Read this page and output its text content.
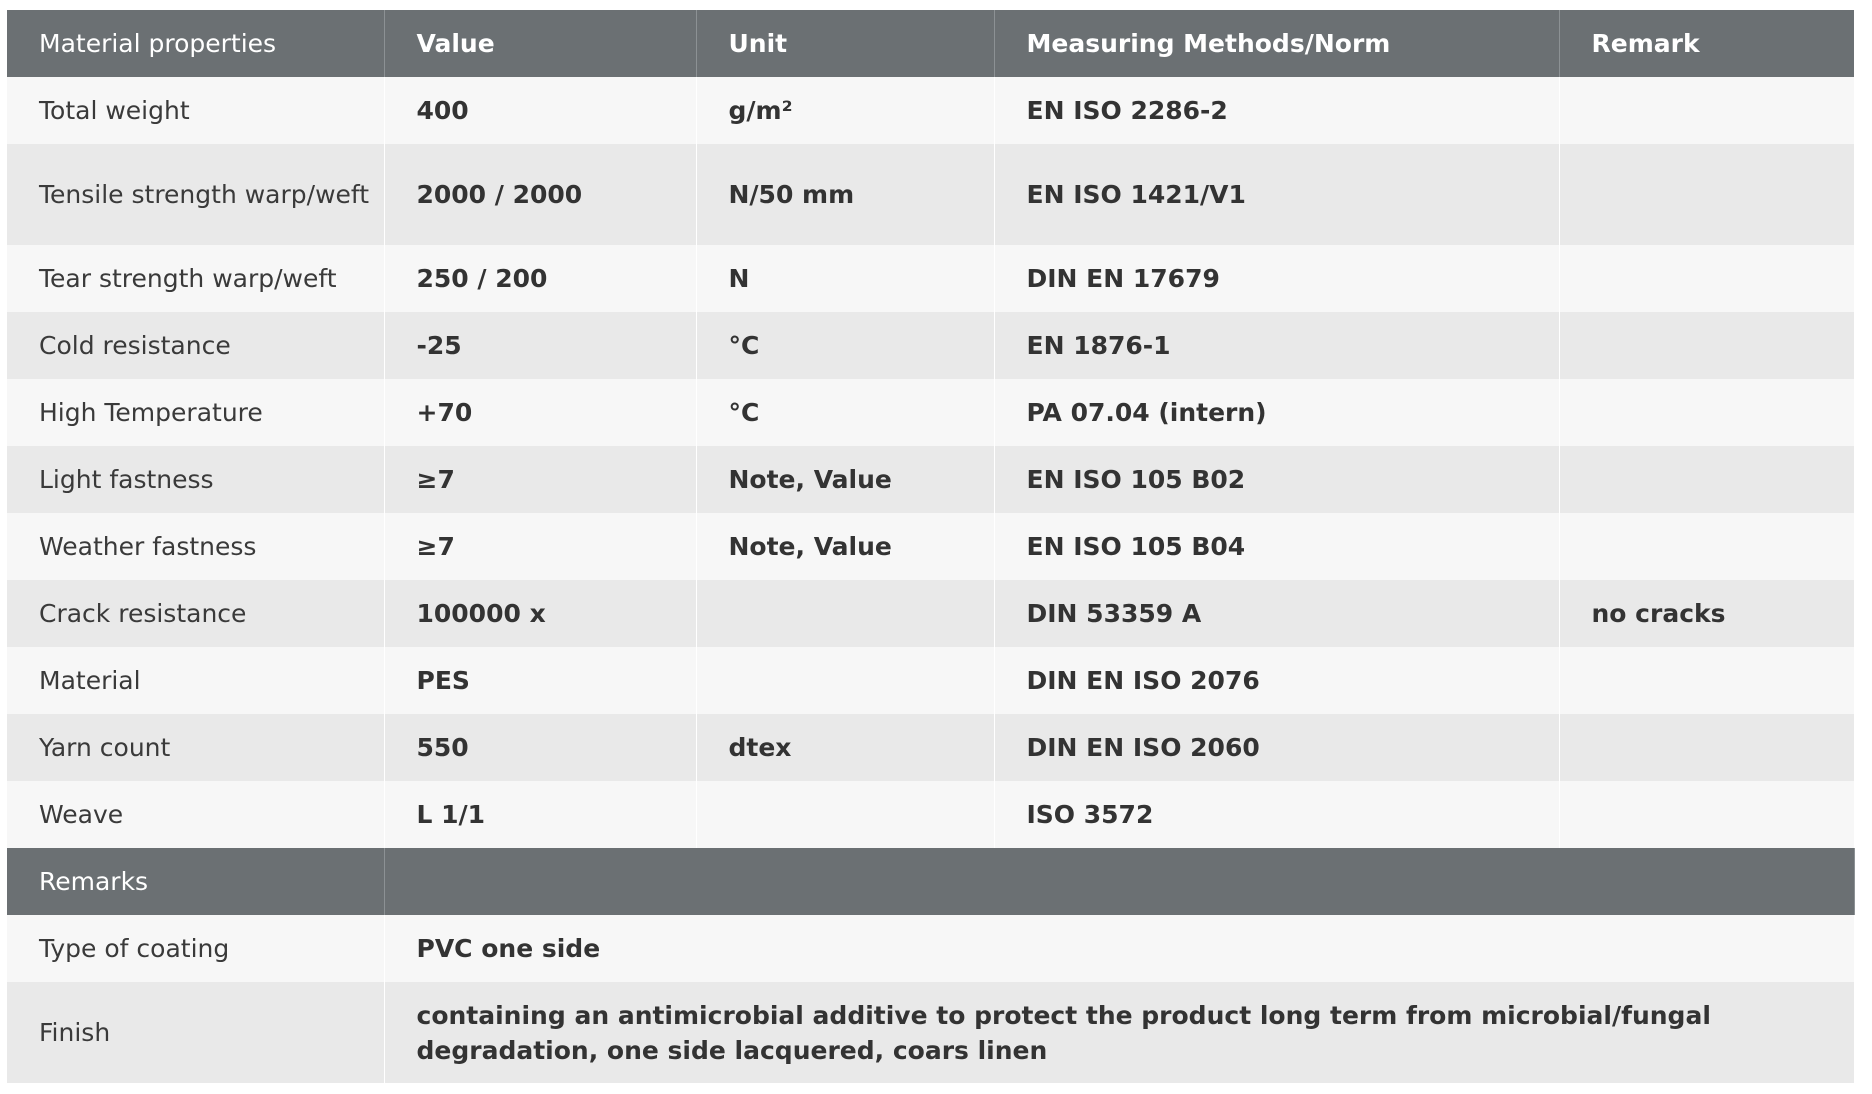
Material properties	Value	Unit	Measuring Methods/Norm	Remark
Total weight	400	g/m²	EN ISO 2286-2	
Tensile strength warp/weft	2000 / 2000	N/50 mm	EN ISO 1421/V1	
Tear strength warp/weft	250 / 200	N	DIN EN 17679	
Cold resistance	-25	°C	EN 1876-1	
High Temperature	+70	°C	PA 07.04 (intern)	
Light fastness	≥7	Note, Value	EN ISO 105 B02	
Weather fastness	≥7	Note, Value	EN ISO 105 B04	
Crack resistance	100000 x		DIN 53359 A	no cracks
Material	PES		DIN EN ISO 2076	
Yarn count	550	dtex	DIN EN ISO 2060	
Weave	L 1/1		ISO 3572	
Remarks				
Type of coating	PVC one side			
Finish	containing an antimicrobial additive to protect the product long term from microbial/fungal degradation, one side lacquered, coars linen			
